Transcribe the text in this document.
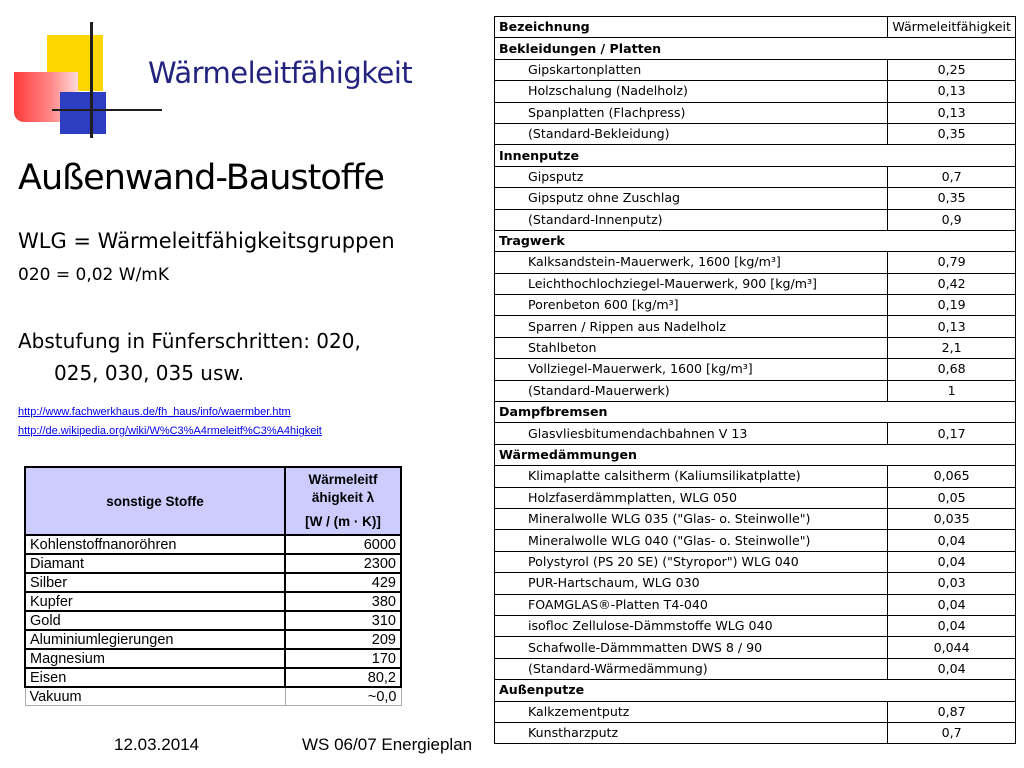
Wärmeleitfähigkeit
Außenwand-Baustoffe
WLG = Wärmeleitfähigkeitsgruppen
020 = 0,02 W/mK
Abstufung in Fünferschritten: 020,
025, 030, 035 usw.
http://www.fachwerkhaus.de/fh_haus/info/waermber.htm
http://de.wikipedia.org/wiki/W%C3%A4rmeleitf%C3%A4higkeit
sonstige Stoffe	Wärmeleitf
ähigkeit λ
[W / (m · K)]

Kohlenstoffnanoröhren	6000
Diamant	2300
Silber	429
Kupfer	380
Gold	310
Aluminiumlegierungen	209
Magnesium	170
Eisen	80,2
Vakuum	~0,0
Bezeichnung	Wärmeleitfähigkeit
Bekleidungen / Platten	
Gipskartonplatten	0,25
Holzschalung (Nadelholz)	0,13
Spanplatten (Flachpress)	0,13
(Standard-Bekleidung)	0,35
Innenputze	
Gipsputz	0,7
Gipsputz ohne Zuschlag	0,35
(Standard-Innenputz)	0,9
Tragwerk	
Kalksandstein-Mauerwerk, 1600 [kg/m³]	0,79
Leichthochlochziegel-Mauerwerk, 900 [kg/m³]	0,42
Porenbeton 600 [kg/m³]	0,19
Sparren / Rippen aus Nadelholz	0,13
Stahlbeton	2,1
Vollziegel-Mauerwerk, 1600 [kg/m³]	0,68
(Standard-Mauerwerk)	1
Dampfbremsen	
Glasvliesbitumendachbahnen V 13	0,17
Wärmedämmungen	
Klimaplatte calsitherm (Kaliumsilikatplatte)	0,065
Holzfaserdämmplatten, WLG 050	0,05
Mineralwolle WLG 035 ("Glas- o. Steinwolle")	0,035
Mineralwolle WLG 040 ("Glas- o. Steinwolle")	0,04
Polystyrol (PS 20 SE) ("Styropor") WLG 040	0,04
PUR-Hartschaum, WLG 030	0,03
FOAMGLAS®-Platten T4-040	0,04
isofloc Zellulose-Dämmstoffe WLG 040	0,04
Schafwolle-Dämmmatten DWS 8 / 90	0,044
(Standard-Wärmedämmung)	0,04
Außenputze	
Kalkzementputz	0,87
Kunstharzputz	0,7
12.03.2014	WS 06/07 Energieplan
